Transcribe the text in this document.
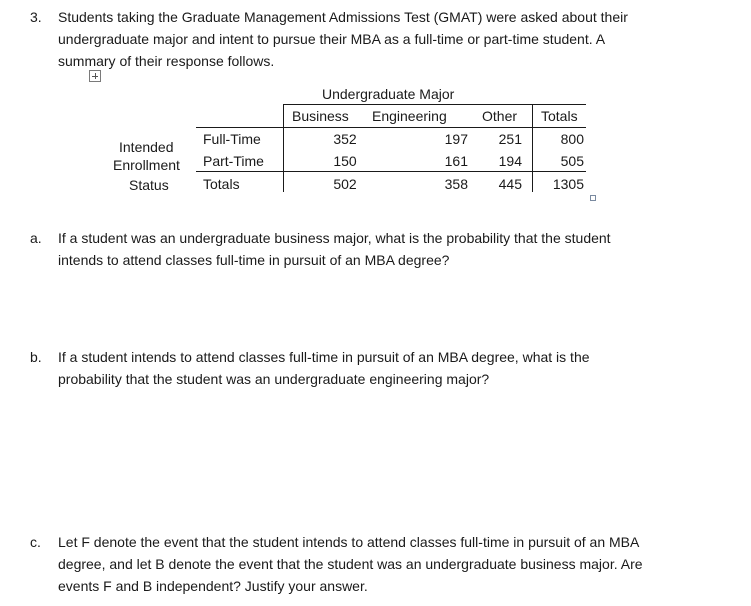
3. Students taking the Graduate Management Admissions Test (GMAT) were asked about their
undergraduate major and intent to pursue their MBA as a full-time or part-time student. A
summary of their response follows.
Undergraduate Major
Business Engineering	Other Totals
Intended
Enrollment
Status
Full-Time	352	197	251	800
Part-Time	150	161	194	505
Totals	502	358	445	1305
a. If a student was an undergraduate business major, what is the probability that the student
intends to attend classes full-time in pursuit of an MBA degree?
b. If a student intends to attend classes full-time in pursuit of an MBA degree, what is the
probability that the student was an undergraduate engineering major?
c. Let F denote the event that the student intends to attend classes full-time in pursuit of an MBA
degree, and let B denote the event that the student was an undergraduate business major. Are
events F and B independent? Justify your answer.
